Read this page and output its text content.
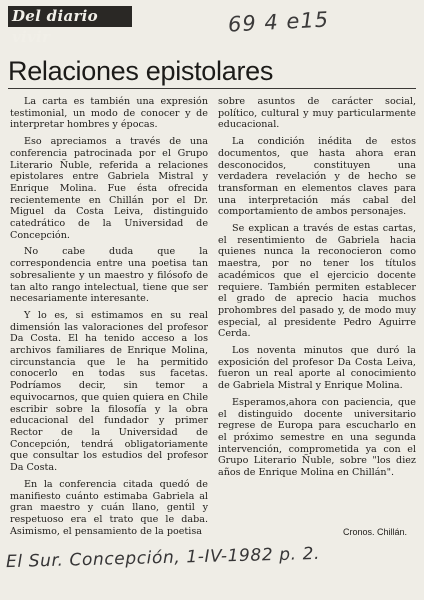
Del diario vivir
69 4 e15
Relaciones epistolares

La carta es también una expresión testimonial, un modo de conocer y de interpretar hombres y épocas.

Eso apreciamos a través de una conferencia patrocinada por el Grupo Literario Ñuble, referida a relaciones epistolares entre Gabriela Mistral y Enrique Molina. Fue ésta ofrecida recientemente en Chillán por el Dr. Miguel da Costa Leiva, distinguido catedrático de la Universidad de Concepción.

No cabe duda que la correspondencia entre una poetisa tan sobresaliente y un maestro y filósofo de tan alto rango intelectual, tiene que ser necesariamente interesante.

Y lo es, si estimamos en su real dimensión las valoraciones del profesor Da Costa. El ha tenido acceso a los archivos familiares de Enrique Molina, circunstancia que le ha permitido conocerlo en todas sus facetas. Podríamos decir, sin temor a equivocarnos, que quien quiera en Chile escribir sobre la filosofía y la obra educacional del fundador y primer Rector de la Universidad de Concepción, tendrá obligatoriamente que consultar los estudios del profesor Da Costa.

En la conferencia citada quedó de manifiesto cuánto estimaba Gabriela al gran maestro y cuán llano, gentil y respetuoso era el trato que le daba. Asimismo, el pensamiento de la poetisa

sobre asuntos de carácter social, político, cultural y muy particularmente educacional.

La condición inédita de estos documentos, que hasta ahora eran desconocidos, constituyen una verdadera revelación y de hecho se transforman en elementos claves para una interpretación más cabal del comportamiento de ambos personajes.

Se explican a través de estas cartas, el resentimiento de Gabriela hacia quienes nunca la reconocieron como maestra, por no tener los títulos académicos que el ejercicio docente requiere. También permiten establecer el grado de aprecio hacia muchos prohombres del pasado y, de modo muy especial, al presidente Pedro Aguirre Cerda.

Los noventa minutos que duró la exposición del profesor Da Costa Leiva, fueron un real aporte al conocimiento de Gabriela Mistral y Enrique Molina.

Esperamos,ahora con paciencia, que el distinguido docente universitario regrese de Europa para escucharlo en el próximo semestre en una segunda intervención, comprometida ya con el Grupo Literario Ñuble, sobre "los diez años de Enrique Molina en Chillán".

Cronos. Chillán.
El Sur. Concepción, 1-IV-1982 p. 2.
